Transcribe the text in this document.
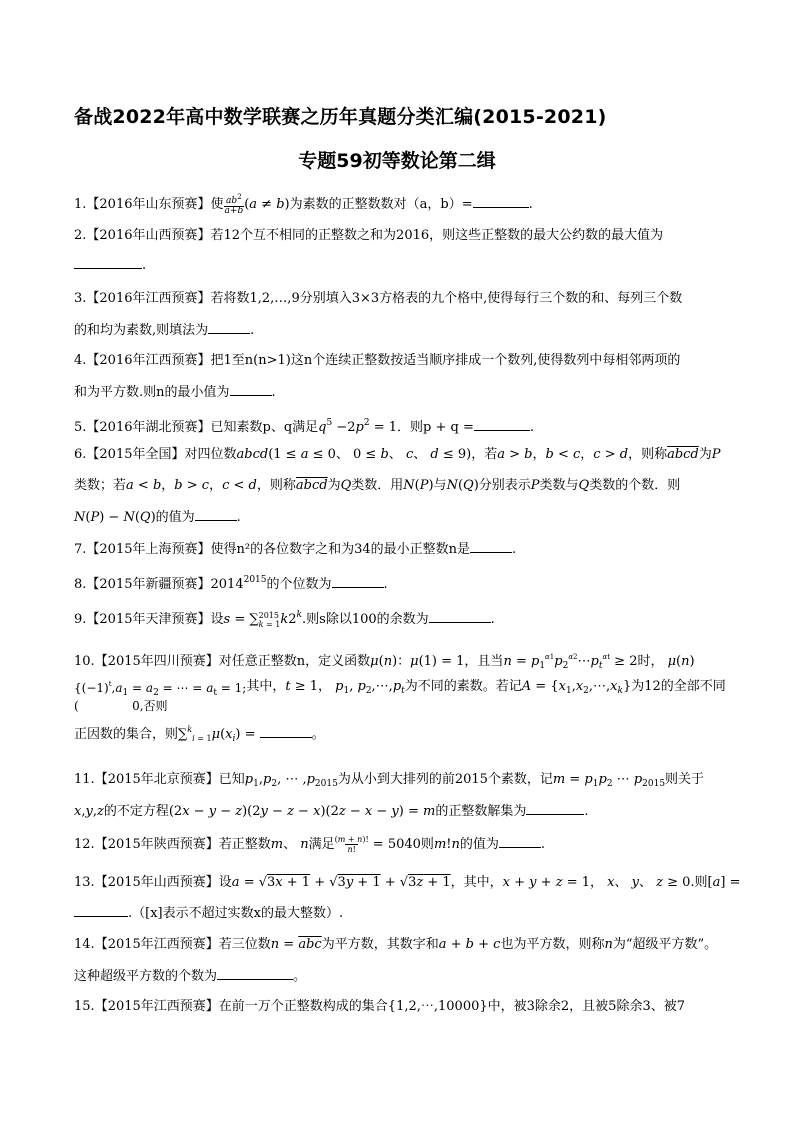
备战2022年高中数学联赛之历年真题分类汇编(2015-2021)
专题59初等数论第二缉
1.【2016年山东预赛】使 $ab^2$
a+b(a ≠ b)为素数的正整数数对（a，b）=	.
2.【2016年山西预赛】若12个互不相同的正整数之和为2016，则这些正整数的最大公约数的最大值为
.
3.【2016年江西预赛】若将数1,2,…,9分别填入3×3方格表的九个格中,使得每行三个数的和、每列三个数
的和均为素数,则填法为	.
4.【2016年江西预赛】把1至n(n>1)这n个连续正整数按适当顺序排成一个数列,使得数列中每相邻两项的
和为平方数.则n的最小值为	.
5.【2016年湖北预赛】已知素数p、q满足$q^5 -2p^2 = 1$．则p + q =	.
6.【2015年全国】对四位数abcd(1 ≤ a ≤ 0、 0 ≤ b、 c、 d ≤ 9)，若a > b，b < c，c > d，则称abcd为P
类数；若a < b，b > c，c < d，则称abcd为Q类数．用N(P)与N(Q)分别表示P类数与Q类数的个数．则
N(P) − N(Q)的值为	.
7.【2015年上海预赛】使得n²的各位数字之和为34的最小正整数n是	.
8.【2015年新疆预赛】$2014^{2015}$的个位数为	.
9.【2015年天津预赛】设s = ∑2015
$k = 1k2^k$.则s除以100的余数为	.
10.【2015年四川预赛】对任意正整数n，定义函数μ(n)：μ(1) = 1，且当$n = p_1^{\alpha 1}p_2^{\alpha 2}\cdots p_t^{\alpha t} \ge 2$时， μ(n)
{$(-1)^t,a_1 = a_2$ = ⋯ = $a_t = 1$;
(              0,否则其中，t ≥ 1， $p_1$, $p_2,\cdots,p_t$为不同的素数。若记$A = \{x_1,x_2,\cdots,x_k\}$为12的全部不同
正因数的集合，则$\sum^k_{i = 1}\mu(x_i)$ =	。
11.【2015年北京预赛】已知$p_1,p_2$, ⋯ $,p_{2015}$为从小到大排列的前2015个素数，记$m = p_1p_2$ ⋯ $p_{2015}$则关于
x,y,z的不定方程(2x − y − z)(2y − z − x)(2z − x − y) = m的正整数解集为	.
12.【2015年陕西预赛】若正整数m、 n满足(m + n)!
n! = 5040则m!n的值为	.
13.【2015年山西预赛】设a = √3x + 1 + √3y + 1 + √3z + 1，其中，x + y + z = 1， x、 y、 z ≥ 0.则[a] =
.（[x]表示不超过实数x的最大整数）.
14.【2015年江西预赛】若三位数$n = \overline{abc}$为平方数，其数字和a + b + c也为平方数，则称n为“超级平方数”。
这种超级平方数的个数为	。
15.【2015年江西预赛】在前一万个正整数构成的集合{1,2,⋯,10000}中，被3除余2，且被5除余3、被7
